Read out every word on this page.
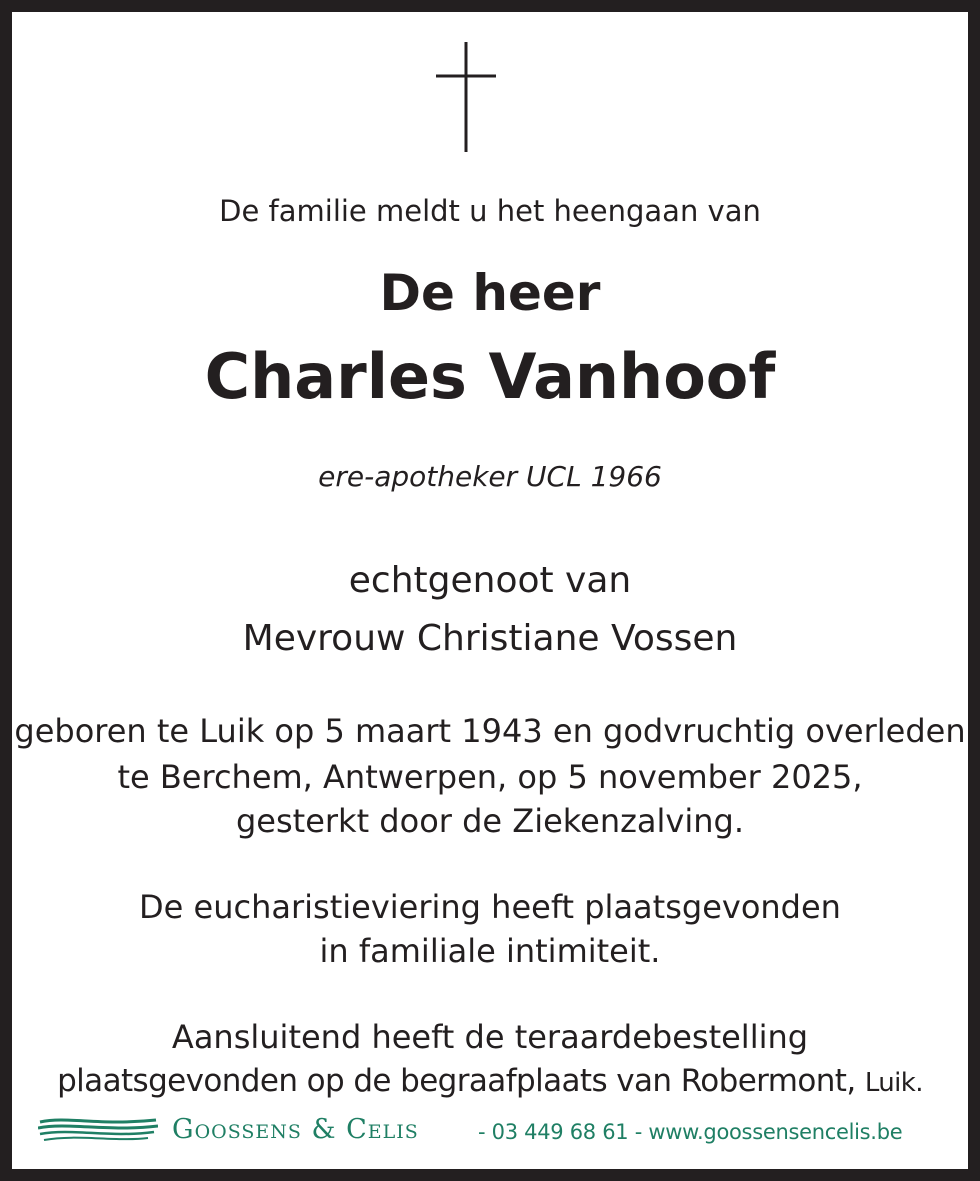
De familie meldt u het heengaan van

De heer

Charles Vanhoof

ere-apotheker UCL 1966

echtgenoot van

Mevrouw Christiane Vossen

geboren te Luik op 5 maart 1943 en godvruchtig overleden

te Berchem, Antwerpen, op 5 november 2025,

gesterkt door de Ziekenzalving.

De eucharistieviering heeft plaatsgevonden

in familiale intimiteit.

Aansluitend heeft de teraardebestelling

plaatsgevonden op de begraafplaats van Robermont, Luik.

Goossens & Celis	- 03 449 68 61 - www.goossensencelis.be
